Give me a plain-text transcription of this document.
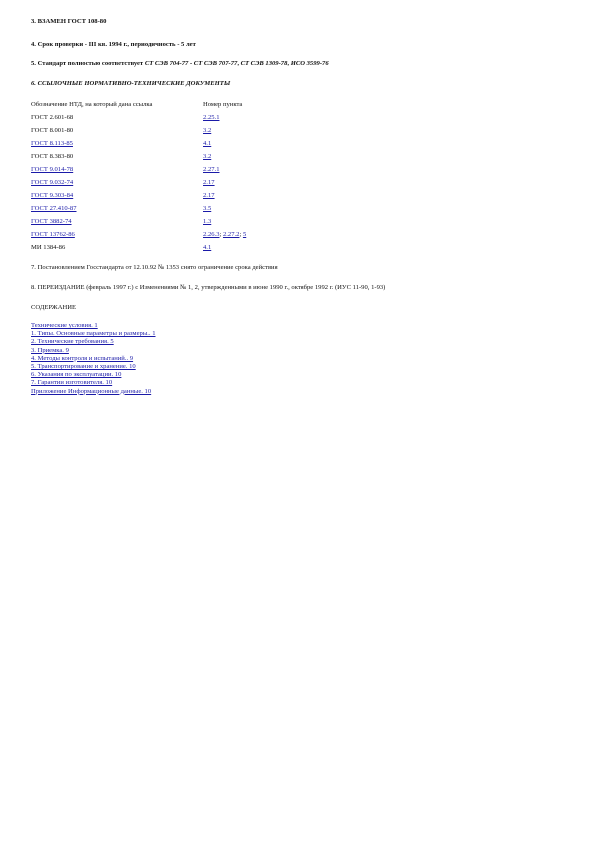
3. ВЗАМЕН ГОСТ 108-80
4. Срок проверки - III кв. 1994 г., периодичность - 5 лет
5. Стандарт полностью соответствует СТ СЭВ 704-77 - СТ СЭВ 707-77, СТ СЭВ 1309-78, ИСО 3599-76
6. ССЫЛОЧНЫЕ НОРМАТИВНО-ТЕХНИЧЕСКИЕ ДОКУМЕНТЫ
Обозначение НТД, на который дана ссылка	Номер пункта
ГОСТ 2.601-68	2.25.1
ГОСТ 8.001-80	3.2
ГОСТ 8.113-85	4.1
ГОСТ 8.383-80	3.2
ГОСТ 9.014-78	2.27.1
ГОСТ 9.032-74	2.17
ГОСТ 9.303-84	2.17
ГОСТ 27.410-87	3.5
ГОСТ 3882-74	1.3
ГОСТ 13762-86	2.26.3; 2.27.2; 5
МИ 1384-86	4.1
7. Постановлением Госстандарта от 12.10.92 № 1353 снято ограничение срока действия
8. ПЕРЕИЗДАНИЕ (февраль 1997 г.) с Изменениями № 1, 2, утвержденными в июне 1990 г., октябре 1992 г. (ИУС 11-90, 1-93)
СОДЕРЖАНИЕ
Технические условия. 1
1. Типы. Основные параметры и размеры.. 1
2. Технические требования. 5
3. Приемка. 9
4. Методы контроля и испытаний.. 9
5. Транспортирование и хранение. 10
6. Указания по эксплуатации. 10
7. Гарантии изготовителя. 10
Приложение Информационные данные. 10
